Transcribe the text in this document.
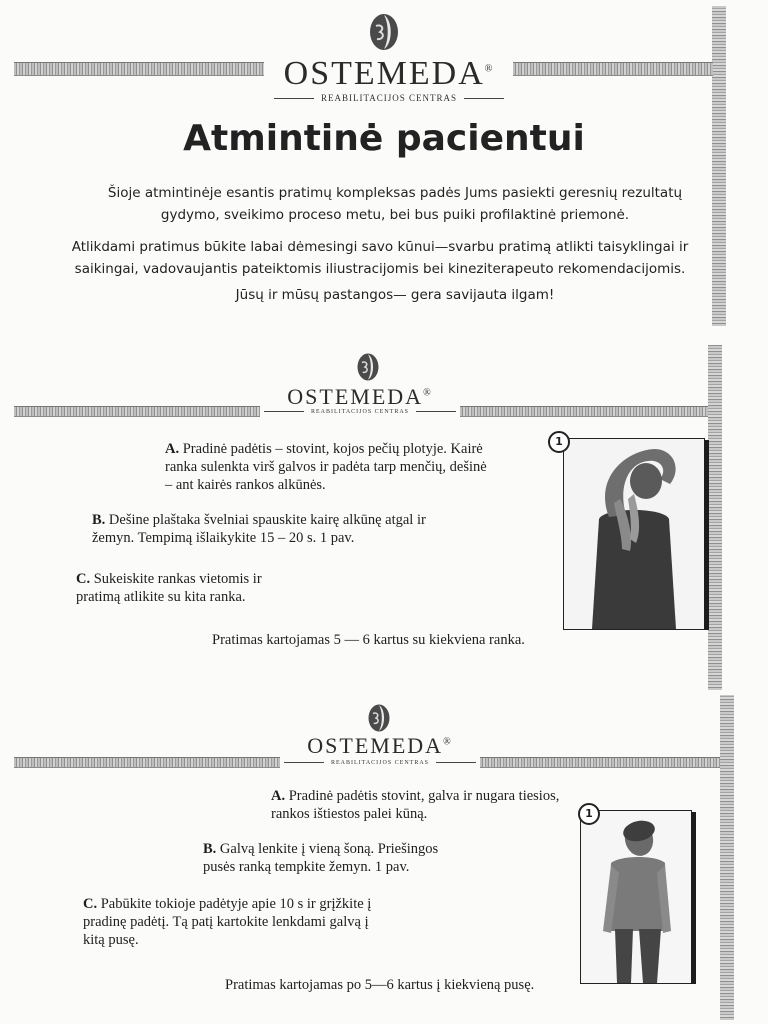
OSTEMEDA®
REABILITACIJOS CENTRAS
Atmintinė pacientui
Šioje atmintinėje esantis pratimų kompleksas padės Jums pasiekti geresnių rezultatų gydymo, sveikimo proceso metu, bei bus puiki profilaktinė priemonė.
Atlikdami pratimus būkite labai dėmesingi savo kūnui—svarbu pratimą atlikti taisyklingai ir saikingai, vadovaujantis pateiktomis iliustracijomis bei kineziterapeuto rekomendacijomis.
Jūsų ir mūsų pastangos— gera savijauta ilgam!
OSTEMEDA®
REABILITACIJOS CENTRAS
A. Pradinė padėtis – stovint, kojos pečių plotyje. Kairė ranka sulenkta virš galvos ir padėta tarp menčių, dešinė – ant kairės rankos alkūnės.
B. Dešine plaštaka švelniai spauskite kairę alkūnę atgal ir žemyn. Tempimą išlaikykite 15 – 20 s. 1 pav.
C. Sukeiskite rankas vietomis ir pratimą atlikite su kita ranka.
Pratimas kartojamas 5 — 6 kartus su kiekviena ranka.
1
OSTEMEDA®
REABILITACIJOS CENTRAS
A. Pradinė padėtis stovint, galva ir nugara tiesios, rankos ištiestos palei kūną.
B. Galvą lenkite į vieną šoną. Priešingos pusės ranką tempkite žemyn. 1 pav.
C. Pabūkite tokioje padėtyje apie 10 s ir grįžkite į pradinę padėtį. Tą patį kartokite lenkdami galvą į kitą pusę.
Pratimas kartojamas po 5—6 kartus į kiekvieną pusę.
1
